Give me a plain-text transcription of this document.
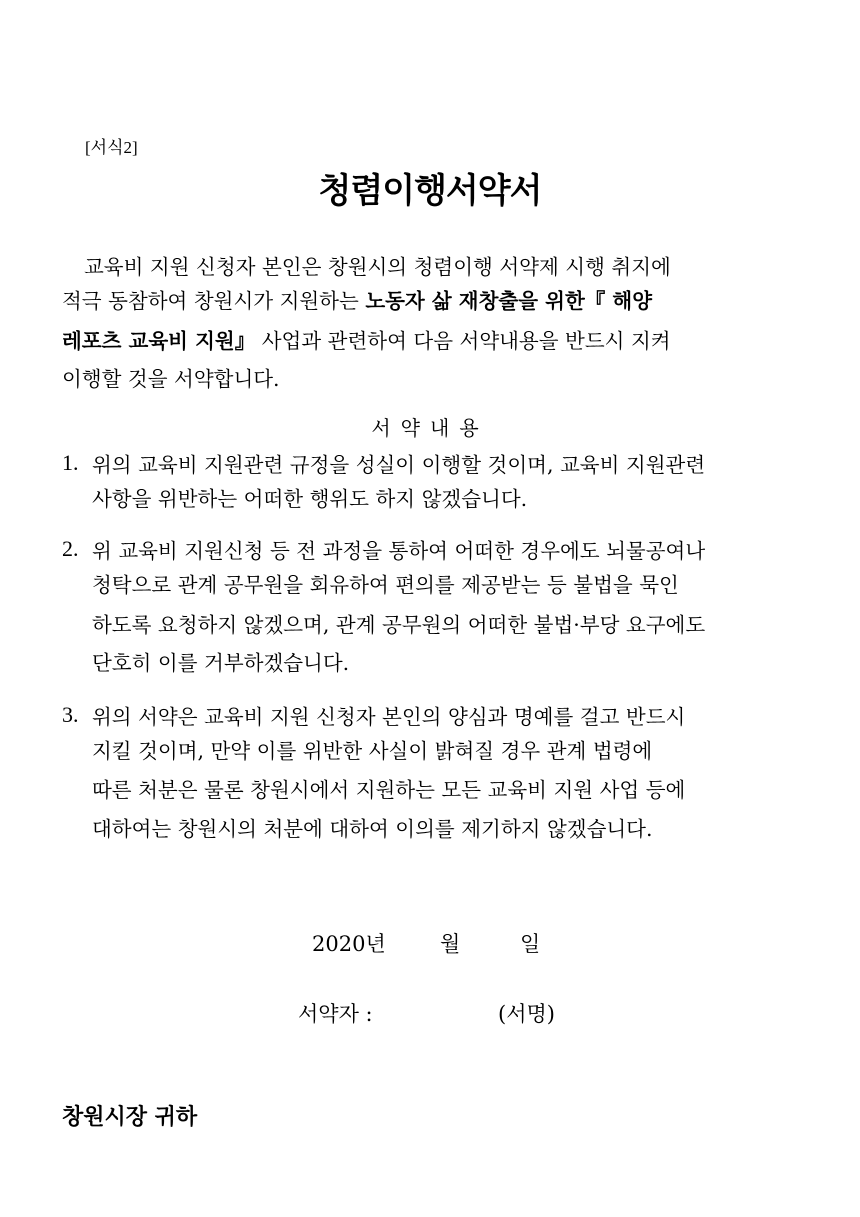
[서식2]
청렴이행서약서
교육비 지원 신청자 본인은 창원시의 청렴이행 서약제 시행 취지에
적극 동참하여 창원시가 지원하는 노동자 삶 재창출을 위한『 해양
레포츠 교육비 지원』 사업과 관련하여 다음 서약내용을 반드시 지켜
이행할 것을 서약합니다.
서약내용
1. 위의 교육비 지원관련 규정을 성실이 이행할 것이며, 교육비 지원관련
사항을 위반하는 어떠한 행위도 하지 않겠습니다.
2. 위 교육비 지원신청 등 전 과정을 통하여 어떠한 경우에도 뇌물공여나
청탁으로 관계 공무원을 회유하여 편의를 제공받는 등 불법을 묵인
하도록 요청하지 않겠으며, 관계 공무원의 어떠한 불법·부당 요구에도
단호히 이를 거부하겠습니다.
3. 위의 서약은 교육비 지원 신청자 본인의 양심과 명예를 걸고 반드시
지킬 것이며, 만약 이를 위반한 사실이 밝혀질 경우 관계 법령에
따른 처분은 물론 창원시에서 지원하는 모든 교육비 지원 사업 등에
대하여는 창원시의 처분에 대하여 이의를 제기하지 않겠습니다.
2020년	월	일
서약자 :	(서명)
창원시장 귀하
